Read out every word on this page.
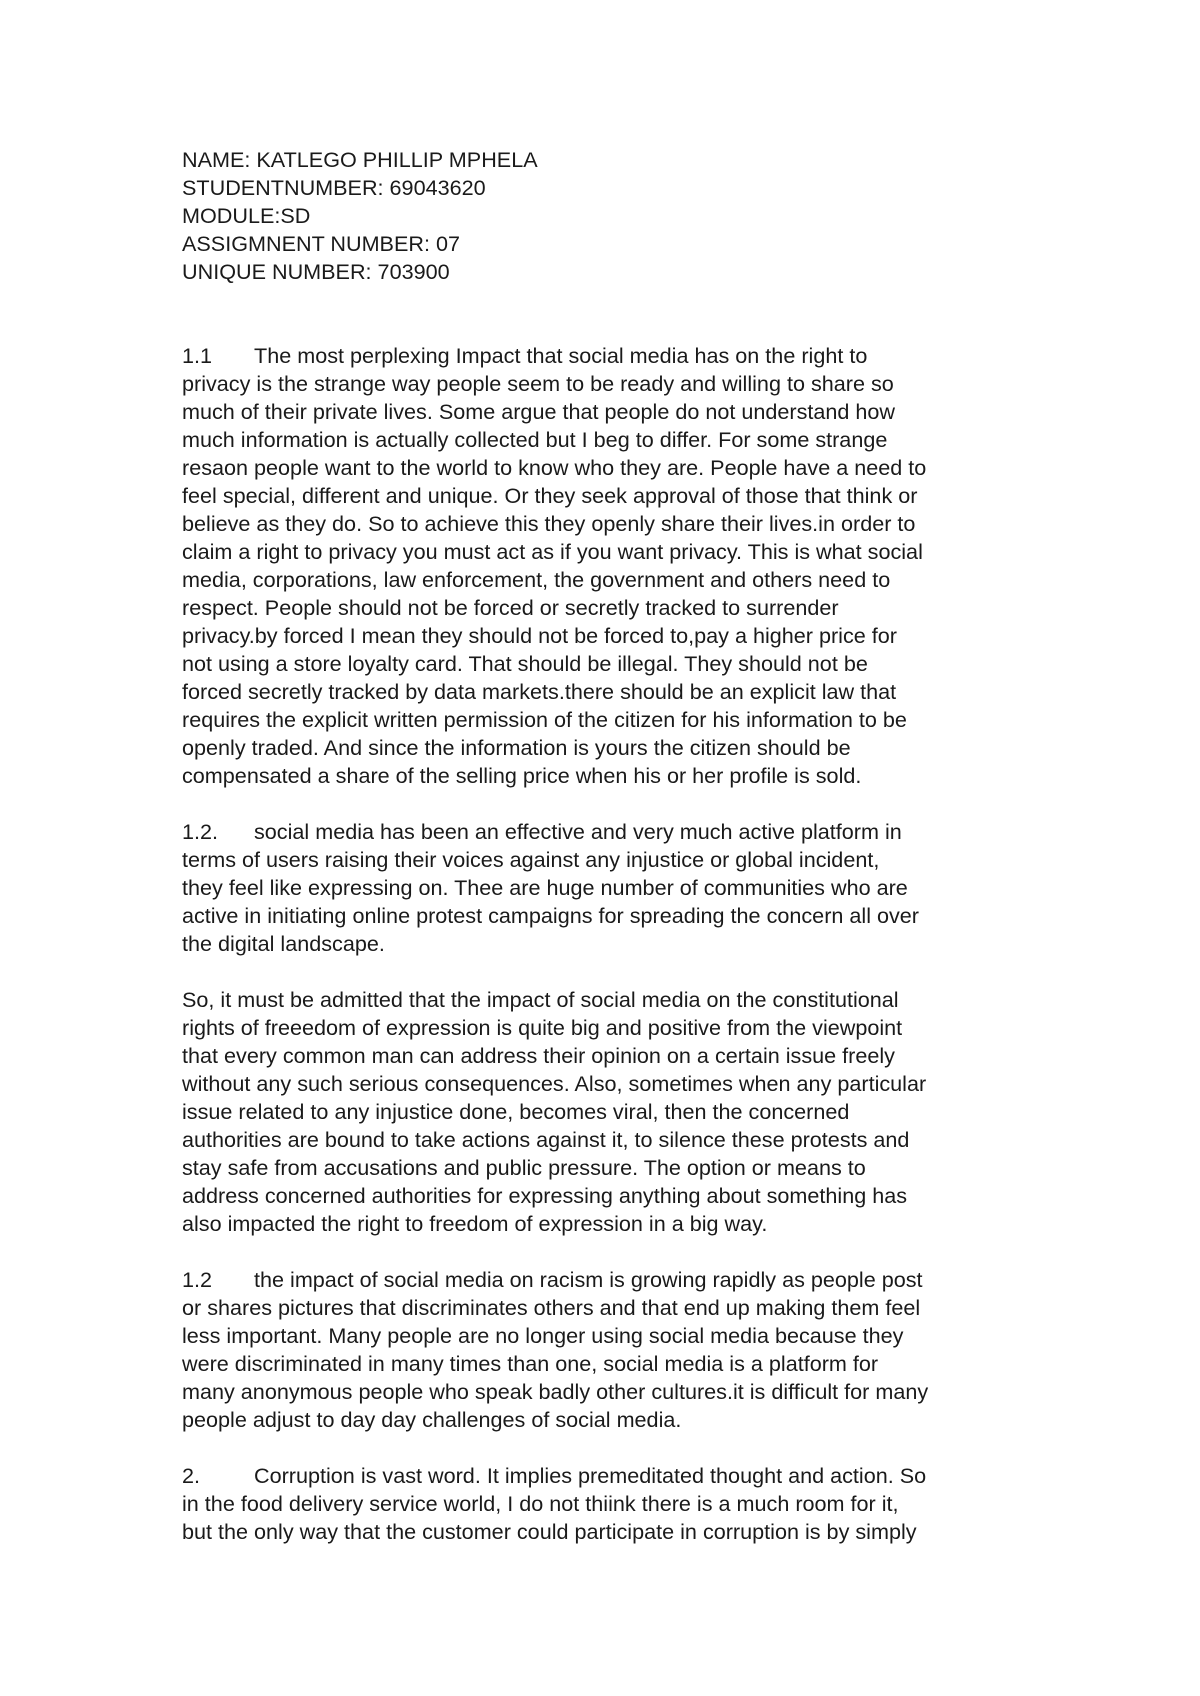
NAME: KATLEGO PHILLIP MPHELA
STUDENTNUMBER: 69043620
MODULE:SD
ASSIGMNENT NUMBER: 07
UNIQUE NUMBER: 703900

1.1 The most perplexing Impact that social media has on the right to
privacy is the strange way people seem to be ready and willing to share so
much of their private lives. Some argue that people do not understand how
much information is actually collected but I beg to differ. For some strange
resaon people want to the world to know who they are. People have a need to
feel special, different and unique. Or they seek approval of those that think or
believe as they do. So to achieve this they openly share their lives.in order to
claim a right to privacy you must act as if you want privacy. This is what social
media, corporations, law enforcement, the government and others need to
respect. People should not be forced or secretly tracked to surrender
privacy.by forced I mean they should not be forced to,pay a higher price for
not using a store loyalty card. That should be illegal. They should not be
forced secretly tracked by data markets.there should be an explicit law that
requires the explicit written permission of the citizen for his information to be
openly traded. And since the information is yours the citizen should be
compensated a share of the selling price when his or her profile is sold.

1.2. social media has been an effective and very much active platform in
terms of users raising their voices against any injustice or global incident,
they feel like expressing on. Thee are huge number of communities who are
active in initiating online protest campaigns for spreading the concern all over
the digital landscape.

So, it must be admitted that the impact of social media on the constitutional
rights of freeedom of expression is quite big and positive from the viewpoint
that every common man can address their opinion on a certain issue freely
without any such serious consequences. Also, sometimes when any particular
issue related to any injustice done, becomes viral, then the concerned
authorities are bound to take actions against it, to silence these protests and
stay safe from accusations and public pressure. The option or means to
address concerned authorities for expressing anything about something has
also impacted the right to freedom of expression in a big way.

1.2 the impact of social media on racism is growing rapidly as people post
or shares pictures that discriminates others and that end up making them feel
less important. Many people are no longer using social media because they
were discriminated in many times than one, social media is a platform for
many anonymous people who speak badly other cultures.it is difficult for many
people adjust to day day challenges of social media.

2. Corruption is vast word. It implies premeditated thought and action. So
in the food delivery service world, I do not thiink there is a much room for it,
but the only way that the customer could participate in corruption is by simply
